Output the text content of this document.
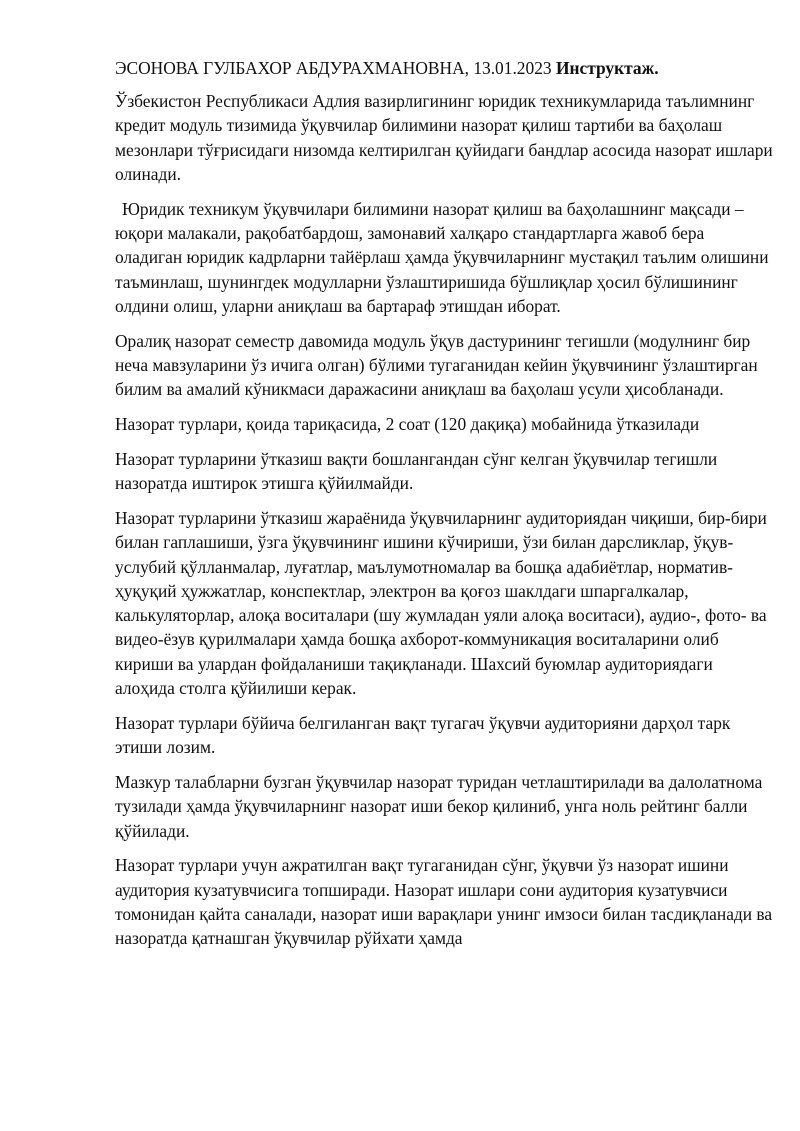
ЭСОНОВА ГУЛБАХОР АБДУРАХМАНОВНА, 13.01.2023 Инструктаж.

Ўзбекистон Республикаси Адлия вазирлигининг юридик техникумларида таълимнинг кредит модуль тизимида ўқувчилар билимини назорат қилиш тартиби ва баҳолаш мезонлари тўғрисидаги низомда келтирилган қуйидаги бандлар асосида назорат ишлари олинади.

Юридик техникум ўқувчилари билимини назорат қилиш ва баҳолашнинг мақсади – юқори малакали, рақобатбардош, замонавий халқаро стандартларга жавоб бера оладиган юридик кадрларни тайёрлаш ҳамда ўқувчиларнинг мустақил таълим олишини таъминлаш, шунингдек модулларни ўзлаштиришида бўшлиқлар ҳосил бўлишининг олдини олиш, уларни аниқлаш ва бартараф этишдан иборат.

Оралиқ назорат семестр давомида модуль ўқув дастурининг тегишли (модулнинг бир неча мавзуларини ўз ичига олган) бўлими тугаганидан кейин ўқувчининг ўзлаштирган билим ва амалий кўникмаси даражасини аниқлаш ва баҳолаш усули ҳисобланади.

Назорат турлари, қоида тариқасида, 2 соат (120 дақиқа) мобайнида ўтказилади

Назорат турларини ўтказиш вақти бошлангандан сўнг келган ўқувчилар тегишли назоратда иштирок этишга қўйилмайди.

Назорат турларини ўтказиш жараёнида ўқувчиларнинг аудиториядан чиқиши, бир-бири билан гаплашиши, ўзга ўқувчининг ишини кўчириши, ўзи билан дарсликлар, ўқув-услубий қўлланмалар, луғатлар, маълумотномалар ва бошқа адабиётлар, норматив-ҳуқуқий ҳужжатлар, конспектлар, электрон ва қоғоз шаклдаги шпаргалкалар, калькуляторлар, алоқа воситалари (шу жумладан уяли алоқа воситаси), аудио-, фото- ва видео-ёзув қурилмалари ҳамда бошқа ахборот-коммуникация воситаларини олиб кириши ва улардан фойдаланиши тақиқланади. Шахсий буюмлар аудиториядаги алоҳида столга қўйилиши керак.

Назорат турлари бўйича белгиланган вақт тугагач ўқувчи аудиторияни дарҳол тарк этиши лозим.

Мазкур талабларни бузган ўқувчилар назорат туридан четлаштирилади ва далолатнома тузилади ҳамда ўқувчиларнинг назорат иши бекор қилиниб, унга ноль рейтинг балли қўйилади.

Назорат турлари учун ажратилган вақт тугаганидан сўнг, ўқувчи ўз назорат ишини аудитория кузатувчисига топширади. Назорат ишлари сони аудитория кузатувчиси томонидан қайта саналади, назорат иши варақлари унинг имзоси билан тасдиқланади ва назоратда қатнашган ўқувчилар рўйхати ҳамда
